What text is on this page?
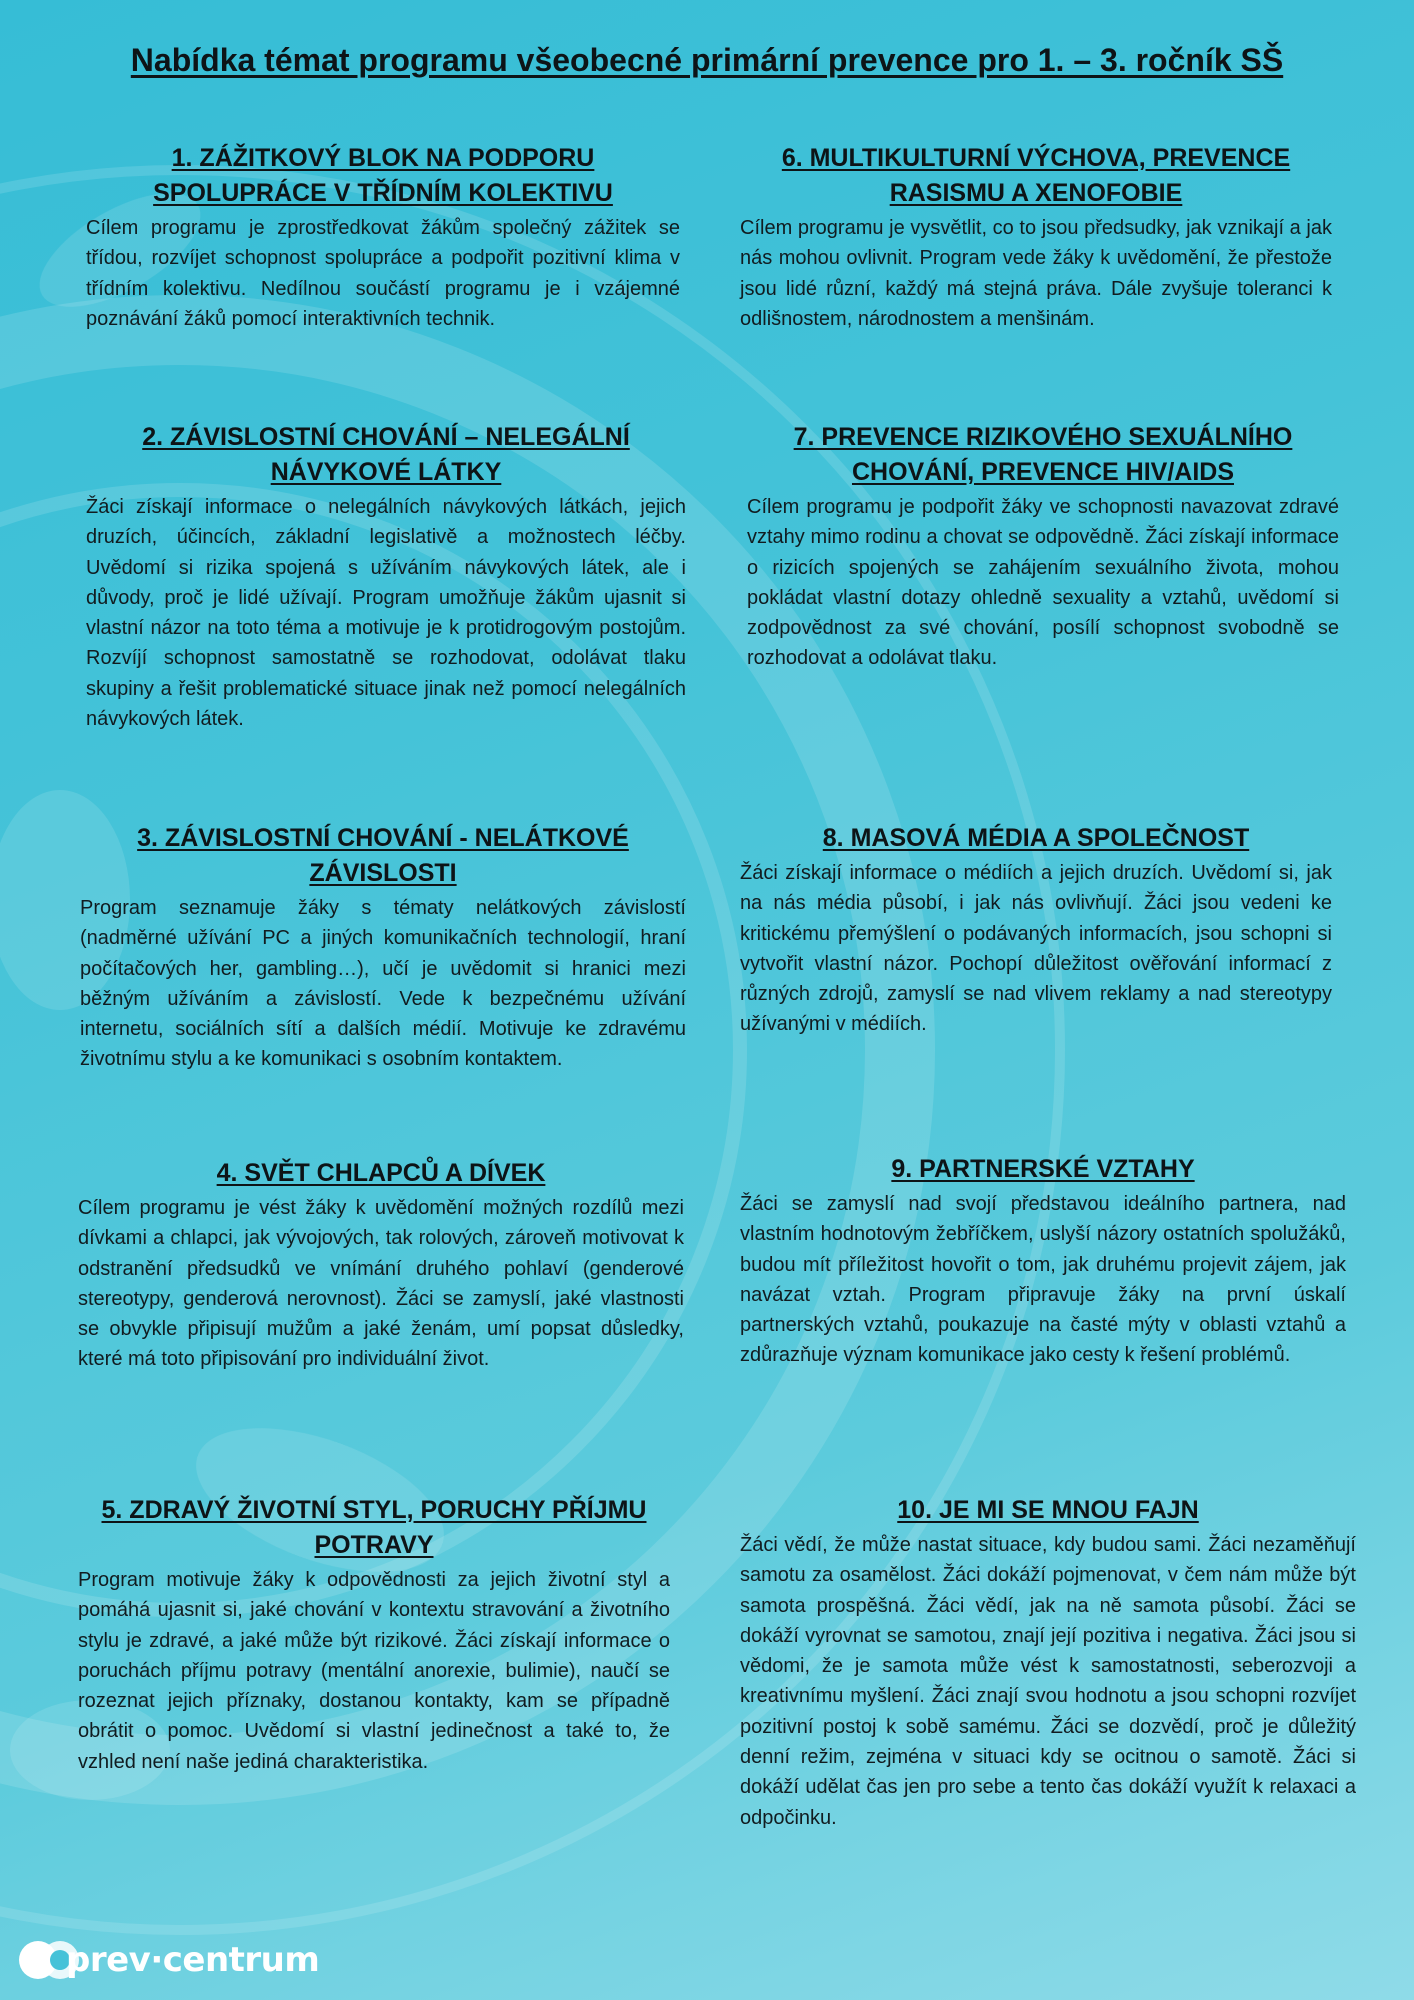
Nabídka témat programu všeobecné primární prevence pro 1. – 3. ročník SŠ
1. ZÁŽITKOVÝ BLOK NA PODPORU SPOLUPRÁCE V TŘÍDNÍM KOLEKTIVU

Cílem programu je zprostředkovat žákům společný zážitek se třídou, rozvíjet schopnost spolupráce a podpořit pozitivní klima v třídním kolektivu. Nedílnou součástí programu je i vzájemné poznávání žáků pomocí interaktivních technik.

2. ZÁVISLOSTNÍ CHOVÁNÍ – NELEGÁLNÍ NÁVYKOVÉ LÁTKY

Žáci získají informace o nelegálních návykových látkách, jejich druzích, účincích, základní legislativě a možnostech léčby. Uvědomí si rizika spojená s užíváním návykových látek, ale i důvody, proč je lidé užívají. Program umožňuje žákům ujasnit si vlastní názor na toto téma a motivuje je k protidrogovým postojům. Rozvíjí schopnost samostatně se rozhodovat, odolávat tlaku skupiny a řešit problematické situace jinak než pomocí nelegálních návykových látek.

3. ZÁVISLOSTNÍ CHOVÁNÍ - NELÁTKOVÉ ZÁVISLOSTI

Program seznamuje žáky s tématy nelátkových závislostí (nadměrné užívání PC a jiných komunikačních technologií, hraní počítačových her, gambling…), učí je uvědomit si hranici mezi běžným užíváním a závislostí. Vede k bezpečnému užívání internetu, sociálních sítí a dalších médií. Motivuje ke zdravému životnímu stylu a ke komunikaci s osobním kontaktem.

4. SVĚT CHLAPCŮ A DÍVEK

Cílem programu je vést žáky k uvědomění možných rozdílů mezi dívkami a chlapci, jak vývojových, tak rolových, zároveň motivovat k odstranění předsudků ve vnímání druhého pohlaví (genderové stereotypy, genderová nerovnost). Žáci se zamyslí, jaké vlastnosti se obvykle připisují mužům a jaké ženám, umí popsat důsledky, které má toto připisování pro individuální život.

5. ZDRAVÝ ŽIVOTNÍ STYL, PORUCHY PŘÍJMU POTRAVY

Program motivuje žáky k odpovědnosti za jejich životní styl a pomáhá ujasnit si, jaké chování v kontextu stravování a životního stylu je zdravé, a jaké může být rizikové. Žáci získají informace o poruchách příjmu potravy (mentální anorexie, bulimie), naučí se rozeznat jejich příznaky, dostanou kontakty, kam se případně obrátit o pomoc. Uvědomí si vlastní jedinečnost a také to, že vzhled není naše jediná charakteristika.

6. MULTIKULTURNÍ VÝCHOVA, PREVENCE RASISMU A XENOFOBIE

Cílem programu je vysvětlit, co to jsou předsudky, jak vznikají a jak nás mohou ovlivnit. Program vede žáky k uvědomění, že přestože jsou lidé různí, každý má stejná práva. Dále zvyšuje toleranci k odlišnostem, národnostem a menšinám.

7. PREVENCE RIZIKOVÉHO SEXUÁLNÍHO CHOVÁNÍ, PREVENCE HIV/AIDS

Cílem programu je podpořit žáky ve schopnosti navazovat zdravé vztahy mimo rodinu a chovat se odpovědně. Žáci získají informace o rizicích spojených se zahájením sexuálního života, mohou pokládat vlastní dotazy ohledně sexuality a vztahů, uvědomí si zodpovědnost za své chování, posílí schopnost svobodně se rozhodovat a odolávat tlaku.

8. MASOVÁ MÉDIA A SPOLEČNOST

Žáci získají informace o médiích a jejich druzích. Uvědomí si, jak na nás média působí, i jak nás ovlivňují. Žáci jsou vedeni ke kritickému přemýšlení o podávaných informacích, jsou schopni si vytvořit vlastní názor. Pochopí důležitost ověřování informací z různých zdrojů, zamyslí se nad vlivem reklamy a nad stereotypy užívanými v médiích.

9. PARTNERSKÉ VZTAHY

Žáci se zamyslí nad svojí představou ideálního partnera, nad vlastním hodnotovým žebříčkem, uslyší názory ostatních spolužáků, budou mít příležitost hovořit o tom, jak druhému projevit zájem, jak navázat vztah. Program připravuje žáky na první úskalí partnerských vztahů, poukazuje na časté mýty v oblasti vztahů a zdůrazňuje význam komunikace jako cesty k řešení problémů.

10. JE MI SE MNOU FAJN

Žáci vědí, že může nastat situace, kdy budou sami. Žáci nezaměňují samotu za osamělost. Žáci dokáží pojmenovat, v čem nám může být samota prospěšná. Žáci vědí, jak na ně samota působí. Žáci se dokáží vyrovnat se samotou, znají její pozitiva i negativa. Žáci jsou si vědomi, že je samota může vést k samostatnosti, seberozvoji a kreativnímu myšlení. Žáci znají svou hodnotu a jsou schopni rozvíjet pozitivní postoj k sobě samému. Žáci se dozvědí, proč je důležitý denní režim, zejména v situaci kdy se ocitnou o samotě. Žáci si dokáží udělat čas jen pro sebe a tento čas dokáží využít k relaxaci a odpočinku.

prev·centrum
